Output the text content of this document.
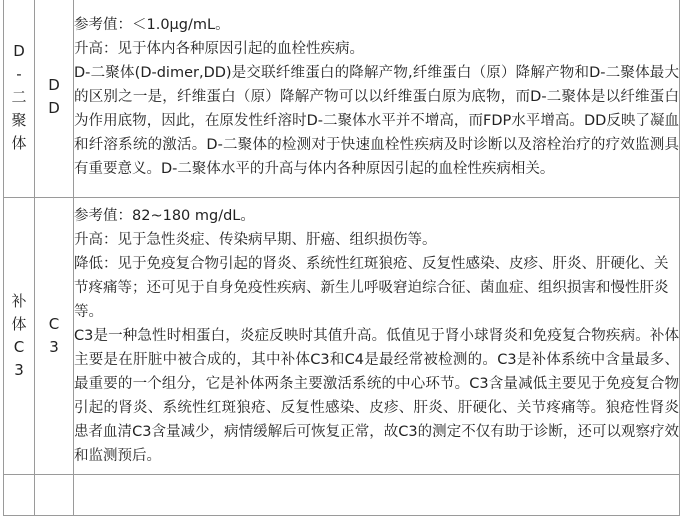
D-二聚体	DD	参考值：＜1.0μg/mL。

升高：见于体内各种原因引起的血栓性疾病。

D-二聚体(D-dimer,DD)是交联纤维蛋白的降解产物,纤维蛋白（原）降解产物和D-二聚体最大的区别之一是，纤维蛋白（原）降解产物可以以纤维蛋白原为底物，而D-二聚体是以纤维蛋白为作用底物，因此，在原发性纤溶时D-二聚体水平并不增高，而FDP水平增高。DD反映了凝血和纤溶系统的激活。D-二聚体的检测对于快速血栓性疾病及时诊断以及溶栓治疗的疗效监测具有重要意义。D-二聚体水平的升高与体内各种原因引起的血栓性疾病相关。

补体C3	C3	参考值：82~180 mg/dL。

升高：见于急性炎症、传染病早期、肝癌、组织损伤等。

降低：见于免疫复合物引起的肾炎、系统性红斑狼疮、反复性感染、皮疹、肝炎、肝硬化、关节疼痛等；还可见于自身免疫性疾病、新生儿呼吸窘迫综合征、菌血症、组织损害和慢性肝炎等。

C3是一种急性时相蛋白，炎症反映时其值升高。低值见于肾小球肾炎和免疫复合物疾病。补体主要是在肝脏中被合成的，其中补体C3和C4是最经常被检测的。C3是补体系统中含量最多、最重要的一个组分，它是补体两条主要激活系统的中心环节。C3含量减低主要见于免疫复合物引起的肾炎、系统性红斑狼疮、反复性感染、皮疹、肝炎、肝硬化、关节疼痛等。狼疮性肾炎患者血清C3含量减少，病情缓解后可恢复正常，故C3的测定不仅有助于诊断，还可以观察疗效和监测预后。
